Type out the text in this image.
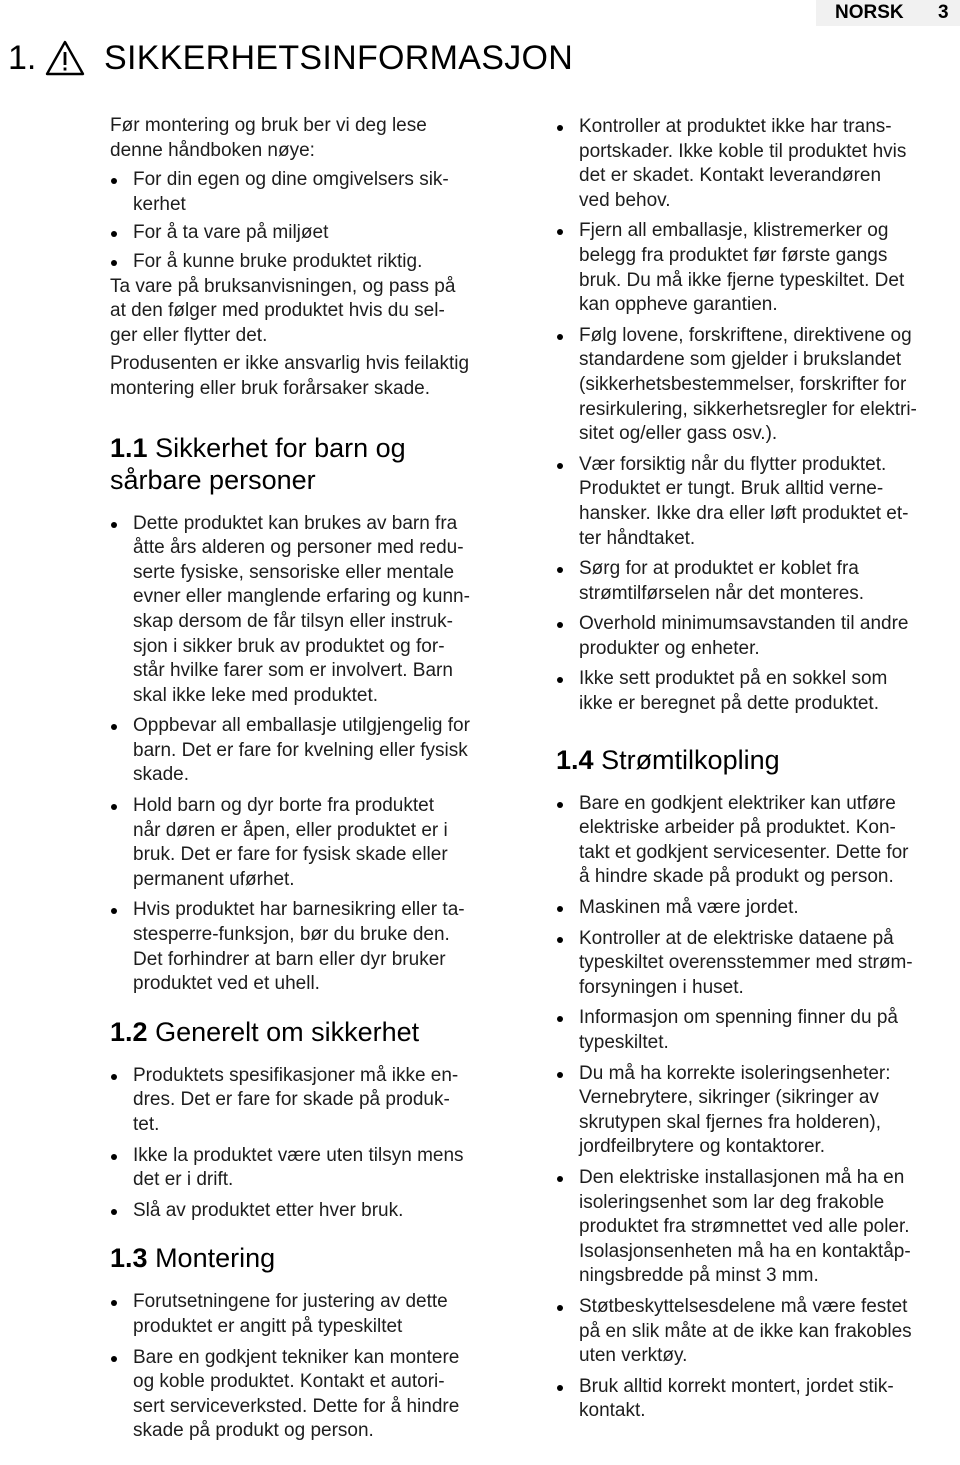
NORSK 3
1. SIKKERHETSINFORMASJON

Før montering og bruk ber vi deg lese
denne håndboken nøye:

For din egen og dine omgivelsers sik-
kerhet
For å ta vare på miljøet
For å kunne bruke produktet riktig.

Ta vare på bruksanvisningen, og pass på
at den følger med produktet hvis du sel-
ger eller flytter det.

Produsenten er ikke ansvarlig hvis feilaktig
montering eller bruk forårsaker skade.

1.1 Sikkerhet for barn og
sårbare personer
Dette produktet kan brukes av barn fra
åtte års alderen og personer med redu-
serte fysiske, sensoriske eller mentale
evner eller manglende erfaring og kunn-
skap dersom de får tilsyn eller instruk-
sjon i sikker bruk av produktet og for-
står hvilke farer som er involvert. Barn
skal ikke leke med produktet.
Oppbevar all emballasje utilgjengelig for
barn. Det er fare for kvelning eller fysisk
skade.
Hold barn og dyr borte fra produktet
når døren er åpen, eller produktet er i
bruk. Det er fare for fysisk skade eller
permanent uførhet.
Hvis produktet har barnesikring eller ta-
stesperre-funksjon, bør du bruke den.
Det forhindrer at barn eller dyr bruker
produktet ved et uhell.
1.2 Generelt om sikkerhet
Produktets spesifikasjoner må ikke en-
dres. Det er fare for skade på produk-
tet.
Ikke la produktet være uten tilsyn mens
det er i drift.
Slå av produktet etter hver bruk.
1.3 Montering
Forutsetningene for justering av dette
produktet er angitt på typeskiltet
Bare en godkjent tekniker kan montere
og koble produktet. Kontakt et autori-
sert serviceverksted. Dette for å hindre
skade på produkt og person.
Kontroller at produktet ikke har trans-
portskader. Ikke koble til produktet hvis
det er skadet. Kontakt leverandøren
ved behov.
Fjern all emballasje, klistremerker og
belegg fra produktet før første gangs
bruk. Du må ikke fjerne typeskiltet. Det
kan oppheve garantien.
Følg lovene, forskriftene, direktivene og
standardene som gjelder i brukslandet
(sikkerhetsbestemmelser, forskrifter for
resirkulering, sikkerhetsregler for elektri-
sitet og/eller gass osv.).
Vær forsiktig når du flytter produktet.
Produktet er tungt. Bruk alltid verne-
hansker. Ikke dra eller løft produktet et-
ter håndtaket.
Sørg for at produktet er koblet fra
strømtilførselen når det monteres.
Overhold minimumsavstanden til andre
produkter og enheter.
Ikke sett produktet på en sokkel som
ikke er beregnet på dette produktet.
1.4 Strømtilkopling
Bare en godkjent elektriker kan utføre
elektriske arbeider på produktet. Kon-
takt et godkjent servicesenter. Dette for
å hindre skade på produkt og person.
Maskinen må være jordet.
Kontroller at de elektriske dataene på
typeskiltet overensstemmer med strøm-
forsyningen i huset.
Informasjon om spenning finner du på
typeskiltet.
Du må ha korrekte isoleringsenheter:
Vernebrytere, sikringer (sikringer av
skrutypen skal fjernes fra holderen),
jordfeilbrytere og kontaktorer.
Den elektriske installasjonen må ha en
isoleringsenhet som lar deg frakoble
produktet fra strømnettet ved alle poler.
Isolasjonsenheten må ha en kontaktåp-
ningsbredde på minst 3 mm.
Støtbeskyttelsesdelene må være festet
på en slik måte at de ikke kan frakobles
uten verktøy.
Bruk alltid korrekt montert, jordet stik-
kontakt.
